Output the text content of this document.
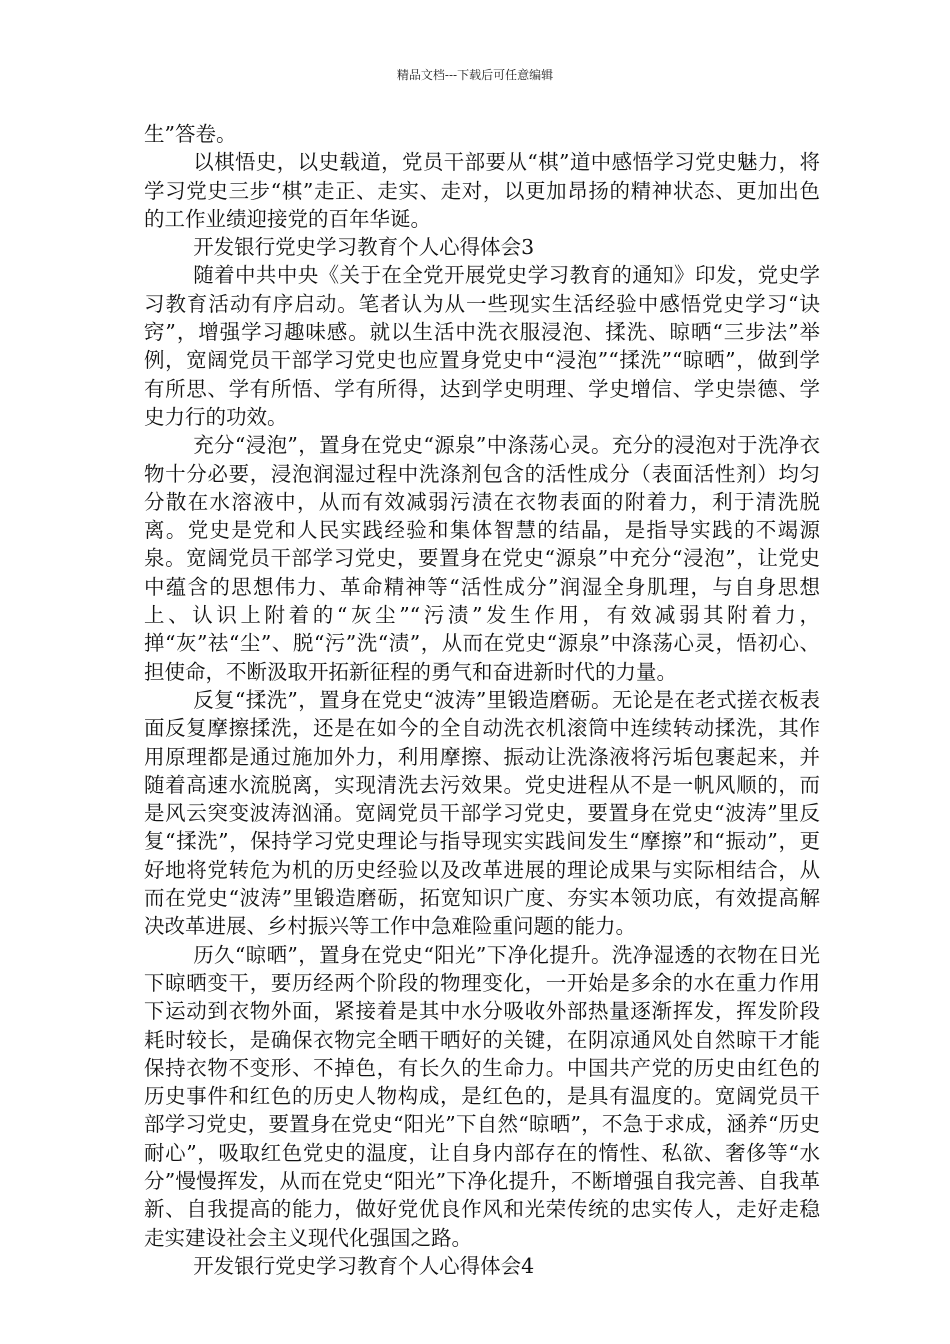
精品文档---下载后可任意编辑

生”答卷。

以棋悟史，以史载道，党员干部要从“棋”道中感悟学习党史魅力，将学习党史三步“棋”走正、走实、走对，以更加昂扬的精神状态、更加出色的工作业绩迎接党的百年华诞。

开发银行党史学习教育个人心得体会3

随着中共中央《关于在全党开展党史学习教育的通知》印发，党史学习教育活动有序启动。笔者认为从一些现实生活经验中感悟党史学习“诀窍”，增强学习趣味感。就以生活中洗衣服浸泡、揉洗、晾晒“三步法”举例，宽阔党员干部学习党史也应置身党史中“浸泡”“揉洗”“晾晒”，做到学有所思、学有所悟、学有所得，达到学史明理、学史增信、学史崇德、学史力行的功效。

充分“浸泡”，置身在党史“源泉”中涤荡心灵。充分的浸泡对于洗净衣物十分必要，浸泡润湿过程中洗涤剂包含的活性成分（表面活性剂）均匀分散在水溶液中，从而有效减弱污渍在衣物表面的附着力，利于清洗脱离。党史是党和人民实践经验和集体智慧的结晶，是指导实践的不竭源泉。宽阔党员干部学习党史，要置身在党史“源泉”中充分“浸泡”，让党史中蕴含的思想伟力、革命精神等“活性成分”润湿全身肌理，与自身思想上、认识上附着的“灰尘”“污渍”发生作用，有效减弱其附着力，掸“灰”祛“尘”、脱“污”洗“渍”，从而在党史“源泉”中涤荡心灵，悟初心、担使命，不断汲取开拓新征程的勇气和奋进新时代的力量。

反复“揉洗”，置身在党史“波涛”里锻造磨砺。无论是在老式搓衣板表面反复摩擦揉洗，还是在如今的全自动洗衣机滚筒中连续转动揉洗，其作用原理都是通过施加外力，利用摩擦、振动让洗涤液将污垢包裹起来，并随着高速水流脱离，实现清洗去污效果。党史进程从不是一帆风顺的，而是风云突变波涛汹涌。宽阔党员干部学习党史，要置身在党史“波涛”里反复“揉洗”，保持学习党史理论与指导现实实践间发生“摩擦”和“振动”，更好地将党转危为机的历史经验以及改革进展的理论成果与实际相结合，从而在党史“波涛”里锻造磨砺，拓宽知识广度、夯实本领功底，有效提高解决改革进展、乡村振兴等工作中急难险重问题的能力。

历久“晾晒”，置身在党史“阳光”下净化提升。洗净湿透的衣物在日光下晾晒变干，要历经两个阶段的物理变化，一开始是多余的水在重力作用下运动到衣物外面，紧接着是其中水分吸收外部热量逐渐挥发，挥发阶段耗时较长，是确保衣物完全晒干晒好的关键，在阴凉通风处自然晾干才能保持衣物不变形、不掉色，有长久的生命力。中国共产党的历史由红色的历史事件和红色的历史人物构成，是红色的，是具有温度的。宽阔党员干部学习党史，要置身在党史“阳光”下自然“晾晒”，不急于求成，涵养“历史耐心”，吸取红色党史的温度，让自身内部存在的惰性、私欲、奢侈等“水分”慢慢挥发，从而在党史“阳光”下净化提升，不断增强自我完善、自我革新、自我提高的能力，做好党优良作风和光荣传统的忠实传人，走好走稳走实建设社会主义现代化强国之路。

开发银行党史学习教育个人心得体会4
